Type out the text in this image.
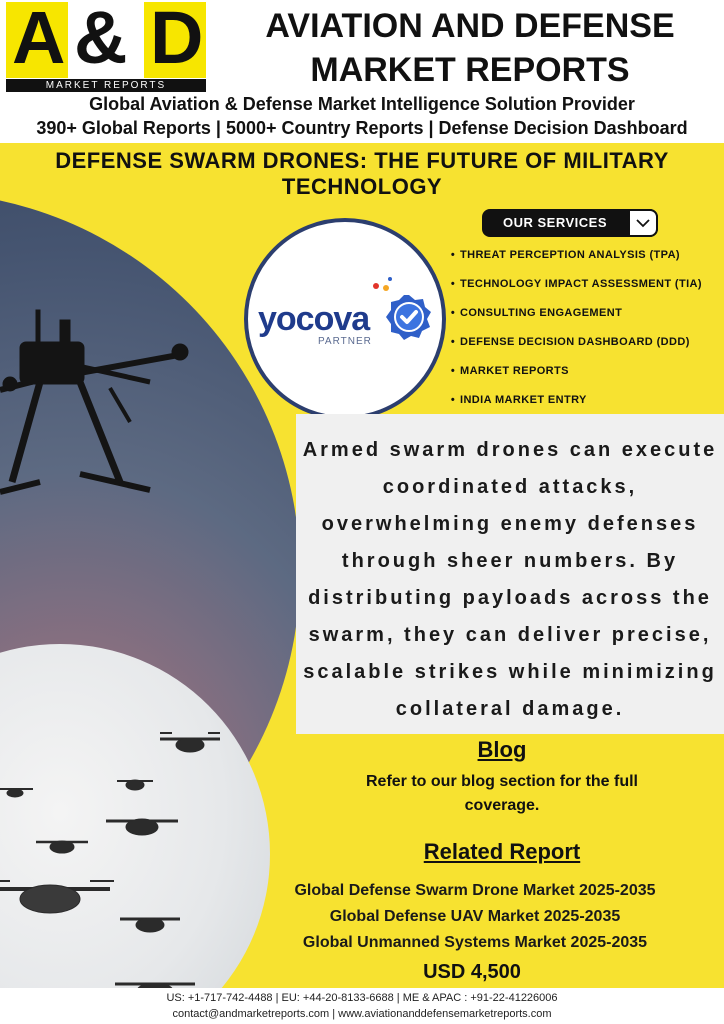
A & D
MARKET REPORTS
AVIATION AND DEFENSE
MARKET REPORTS
Global Aviation & Defense Market Intelligence Solution Provider
390+ Global Reports | 5000+ Country Reports | Defense Decision Dashboard
DEFENSE SWARM DRONES: THE FUTURE OF MILITARY
TECHNOLOGY
yocova
PARTNER
OUR SERVICES
• THREAT PERCEPTION ANALYSIS (TPA)
• TECHNOLOGY IMPACT ASSESSMENT (TIA)
• CONSULTING ENGAGEMENT
• DEFENSE DECISION DASHBOARD (DDD)
• MARKET REPORTS
• INDIA MARKET ENTRY
Armed swarm drones can execute coordinated attacks, overwhelming enemy defenses through sheer numbers. By distributing payloads across the swarm, they can deliver precise, scalable strikes while minimizing collateral damage.
Blog
Refer to our blog section for the full coverage.
Related Report
Global Defense Swarm Drone Market 2025-2035
Global Defense UAV Market 2025-2035
Global Unmanned Systems Market 2025-2035
USD 4,500
US: +1-717-742-4488 | EU: +44-20-8133-6688 | ME & APAC : +91-22-41226006
contact@andmarketreports.com | www.aviationanddefensemarketreports.com
